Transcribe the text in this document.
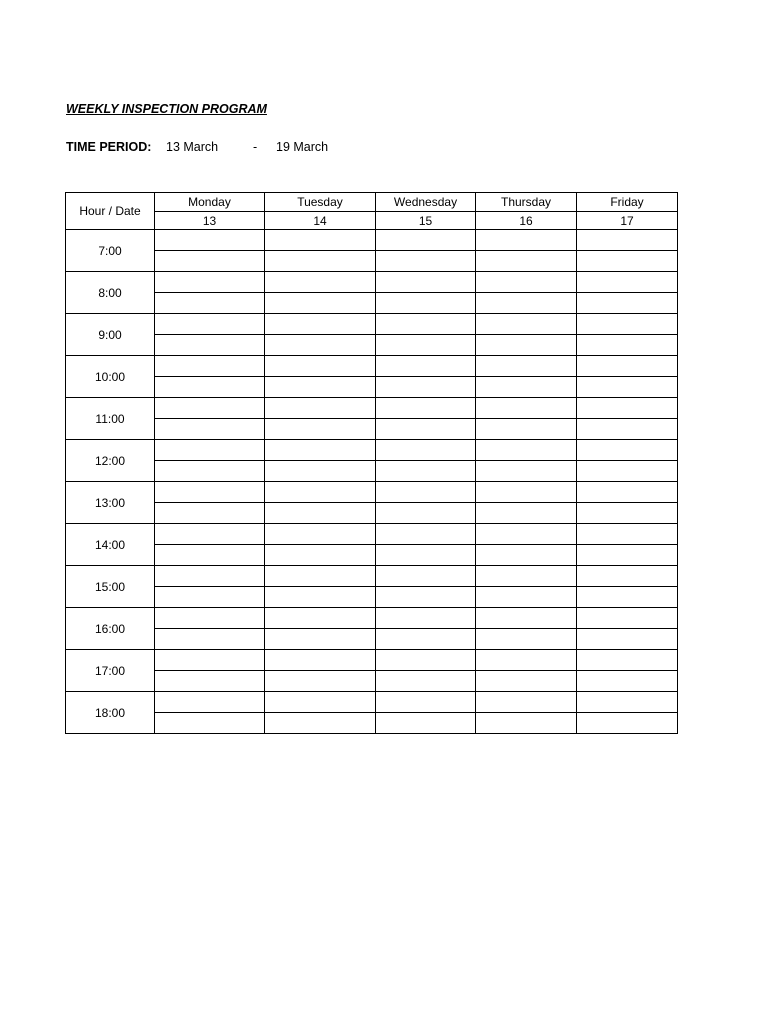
WEEKLY INSPECTION PROGRAM
TIME PERIOD: 13 March	- 19 March
Hour / Date	Monday	Tuesday	Wednesday	Thursday	Friday
	13	14	15	16	17
7:00					

8:00					

9:00					

10:00					

11:00					

12:00					

13:00					

14:00					

15:00					

16:00					

17:00					

18:00					
